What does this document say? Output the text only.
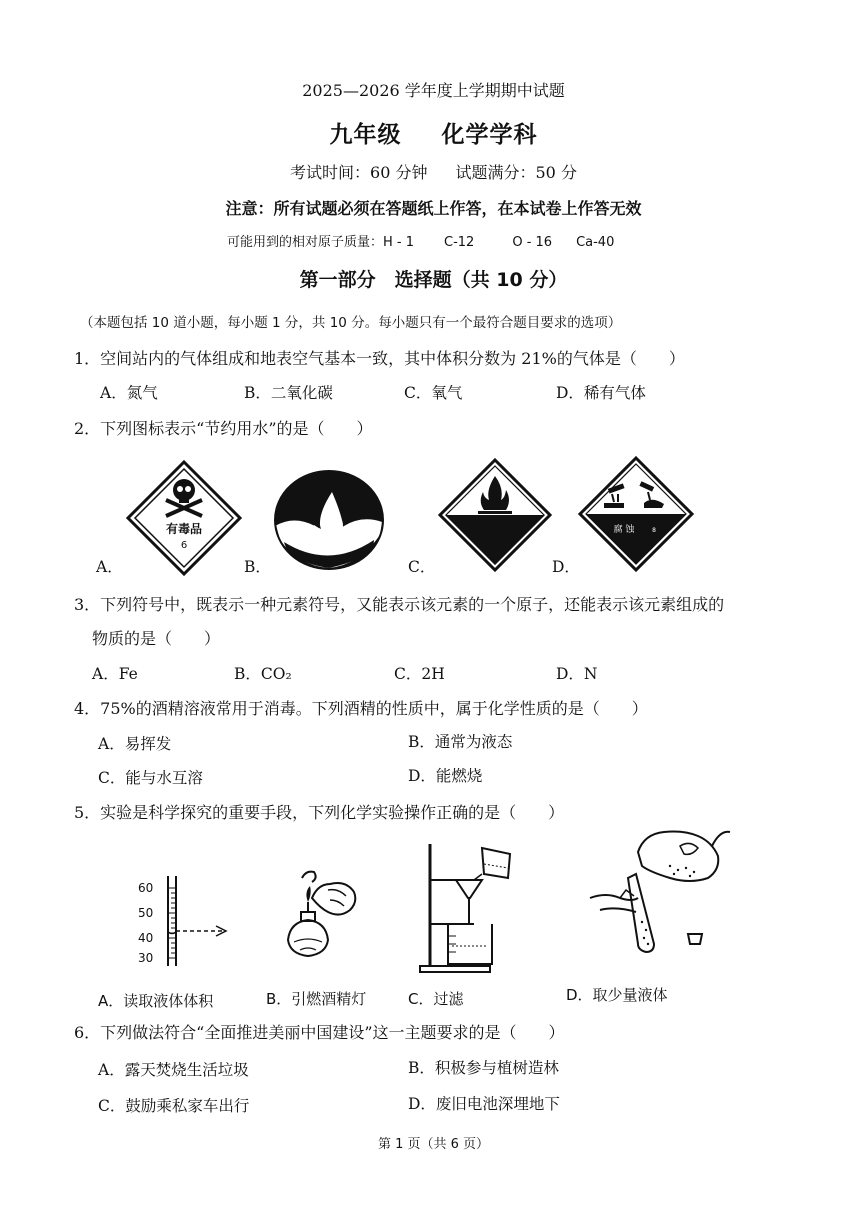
2025—2026 学年度上学期期中试题
九年级 化学学科
考试时间：60 分钟 试题满分：50 分
注意：所有试题必须在答题纸上作答，在本试卷上作答无效
可能用到的相对原子质量：H - 1 C-12	O - 16 Ca-40
第一部分　选择题（共 10 分）
（本题包括 10 道小题，每小题 1 分，共 10 分。每小题只有一个最符合题目要求的选项）
1．空间站内的气体组成和地表空气基本一致，其中体积分数为 21%的气体是（　　）
A．氮气	B．二氧化碳	C．氧气	D．稀有气体
2．下列图标表示“节约用水”的是（　　）
A．
有毒品
6
B．	C．	D．
腐 蚀	8
3．下列符号中，既表示一种元素符号，又能表示该元素的一个原子，还能表示该元素组成的
物质的是（　　）
A．Fe	B．CO₂	C．2H	D．N
4．75%的酒精溶液常用于消毒。下列酒精的性质中，属于化学性质的是（　　）
A．易挥发	B．通常为液态
C．能与水互溶	D．能燃烧
5．实验是科学探究的重要手段，下列化学实验操作正确的是（　　）
60
50
40
30
A．读取液体体积	B．引燃酒精灯	C．过滤	D．取少量液体
6．下列做法符合“全面推进美丽中国建设”这一主题要求的是（　　）
A．露天焚烧生活垃圾	B．积极参与植树造林
C．鼓励乘私家车出行	D．废旧电池深埋地下
第 1 页（共 6 页）
